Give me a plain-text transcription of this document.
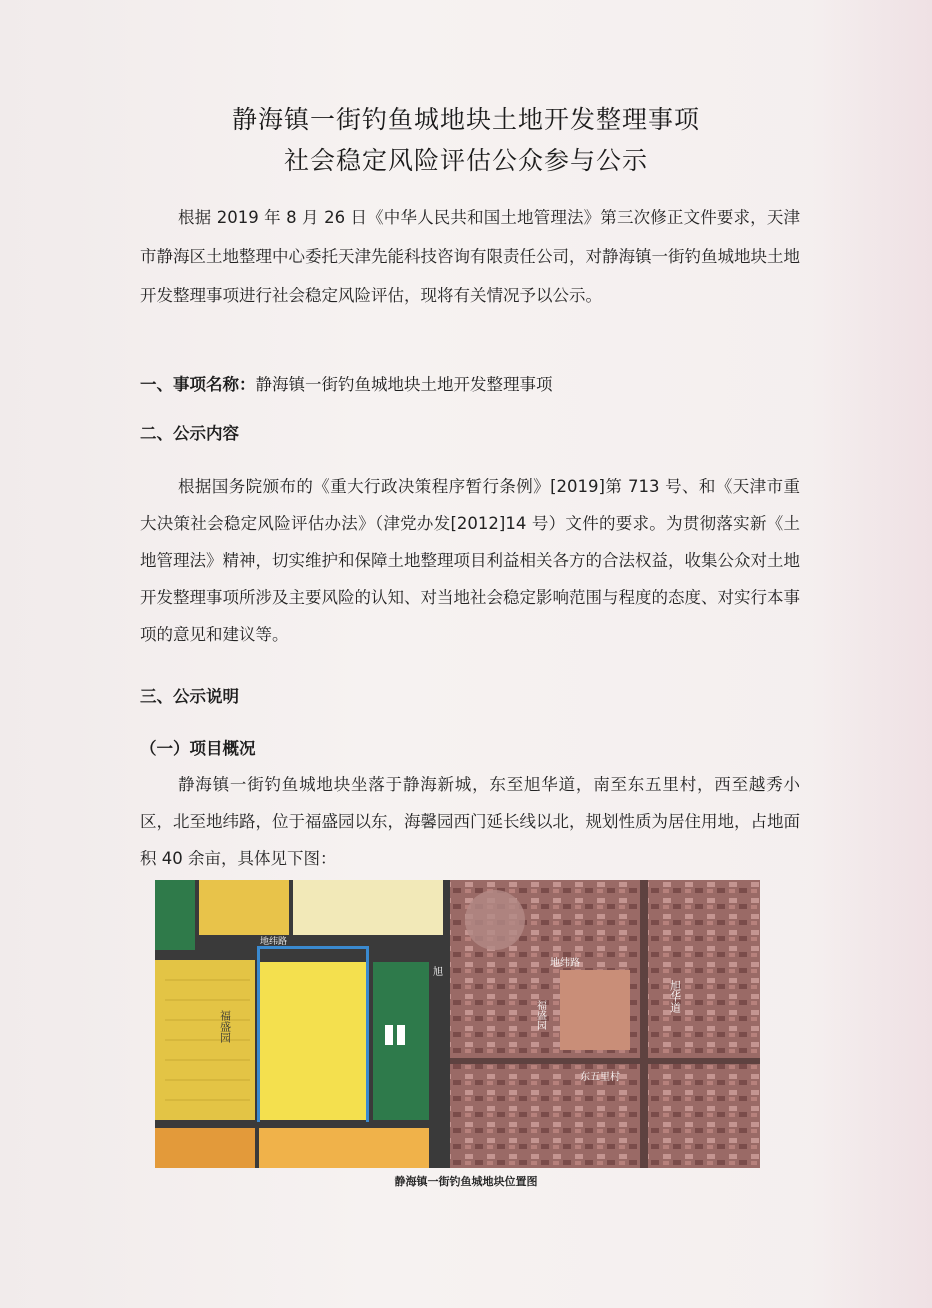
静海镇一街钓鱼城地块土地开发整理事项
社会稳定风险评估公众参与公示
根据 2019 年 8 月 26 日《中华人民共和国土地管理法》第三次修正文件要求，天津市静海区土地整理中心委托天津先能科技咨询有限责任公司，对静海镇一街钓鱼城地块土地开发整理事项进行社会稳定风险评估，现将有关情况予以公示。
一、事项名称：静海镇一街钓鱼城地块土地开发整理事项
二、公示内容
根据国务院颁布的《重大行政决策程序暂行条例》[2019]第 713 号、和《天津市重大决策社会稳定风险评估办法》（津党办发[2012]14 号）文件的要求。为贯彻落实新《土地管理法》精神，切实维护和保障土地整理项目利益相关各方的合法权益，收集公众对土地开发整理事项所涉及主要风险的认知、对当地社会稳定影响范围与程度的态度、对实行本事项的意见和建议等。
三、公示说明
（一）项目概况
静海镇一街钓鱼城地块坐落于静海新城，东至旭华道，南至东五里村，西至越秀小区，北至地纬路，位于福盛园以东，海馨园西门延长线以北，规划性质为居住用地，占地面积 40 余亩，具体见下图：
地纬路
旭
福盛园
地纬路
旭华道
东五里村
福盛园
静海镇一街钓鱼城地块位置图
